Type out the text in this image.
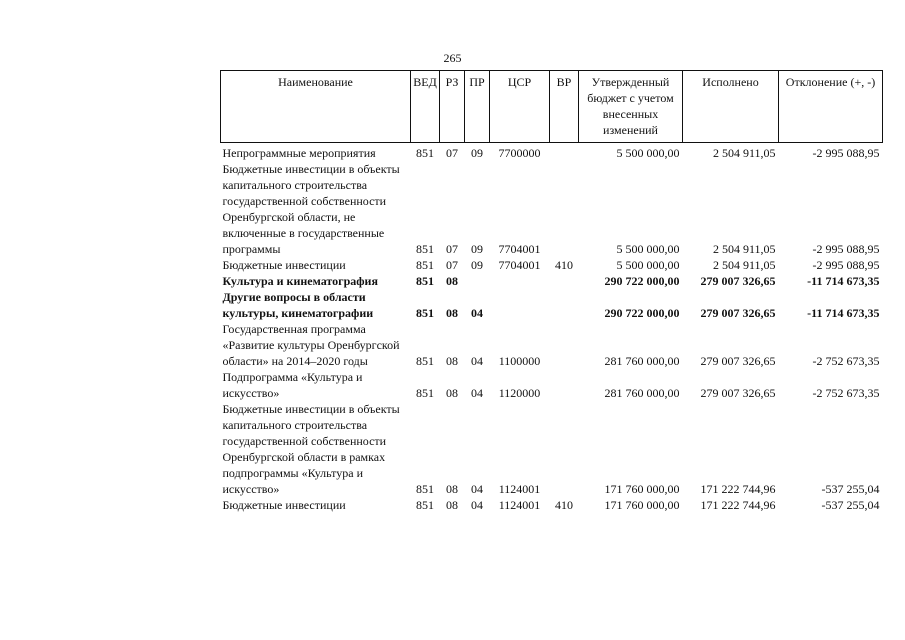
265
Наименование	ВЕД	РЗ	ПР	ЦСР	ВР	Утвержденный бюджет с учетом внесенных изменений	Исполнено	Отклонение (+, -)
Непрограммные мероприятия	851	07	09	7700000		5 500 000,00	2 504 911,05	-2 995 088,95
Бюджетные инвестиции в объекты капитального строительства государственной собственности Оренбургской области, не включенные в государственные программы	851	07	09	7704001		5 500 000,00	2 504 911,05	-2 995 088,95
Бюджетные инвестиции	851	07	09	7704001	410	5 500 000,00	2 504 911,05	-2 995 088,95
Культура и кинематография	851	08				290 722 000,00	279 007 326,65	-11 714 673,35
Другие вопросы в области культуры, кинематографии	851	08	04			290 722 000,00	279 007 326,65	-11 714 673,35
Государственная программа «Развитие культуры Оренбургской области» на 2014–2020 годы	851	08	04	1100000		281 760 000,00	279 007 326,65	-2 752 673,35
Подпрограмма «Культура и искусство»	851	08	04	1120000		281 760 000,00	279 007 326,65	-2 752 673,35
Бюджетные инвестиции в объекты капитального строительства государственной собственности Оренбургской области в рамках подпрограммы «Культура и искусство»	851	08	04	1124001		171 760 000,00	171 222 744,96	-537 255,04
Бюджетные инвестиции	851	08	04	1124001	410	171 760 000,00	171 222 744,96	-537 255,04
